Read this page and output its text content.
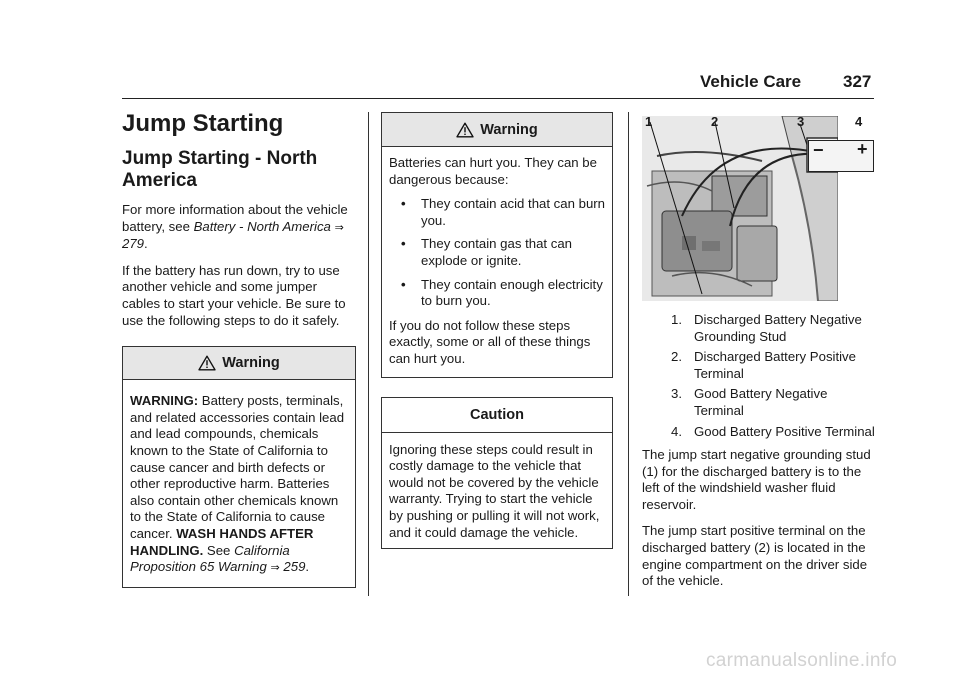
Vehicle Care 327
Jump Starting
Jump Starting - North America

For more information about the vehicle battery, see Battery - North America ⇒ 279.

If the battery has run down, try to use another vehicle and some jumper cables to start your vehicle. Be sure to use the following steps to do it safely.

Warning

WARNING: Battery posts, terminals, and related accessories contain lead and lead compounds, chemicals known to the State of California to cause cancer and birth defects or other reproductive harm. Batteries also contain other chemicals known to the State of California to cause cancer. WASH HANDS AFTER HANDLING. See California Proposition 65 Warning ⇒ 259.

Warning

Batteries can hurt you. They can be dangerous because:

• They contain acid that can burn you.
• They contain gas that can explode or ignite.
• They contain enough electricity to burn you.

If you do not follow these steps exactly, some or all of these things can hurt you.

Caution
Ignoring these steps could result in costly damage to the vehicle that would not be covered by the vehicle warranty. Trying to start the vehicle by pushing or pulling it will not work, and it could damage the vehicle.
1	2	3	4
− +
1. Discharged Battery Negative Grounding Stud
2. Discharged Battery Positive Terminal
3. Good Battery Negative Terminal
4. Good Battery Positive Terminal

The jump start negative grounding stud (1) for the discharged battery is to the left of the windshield washer fluid reservoir.

The jump start positive terminal on the discharged battery (2) is located in the engine compartment on the driver side of the vehicle.

carmanualsonline.info
